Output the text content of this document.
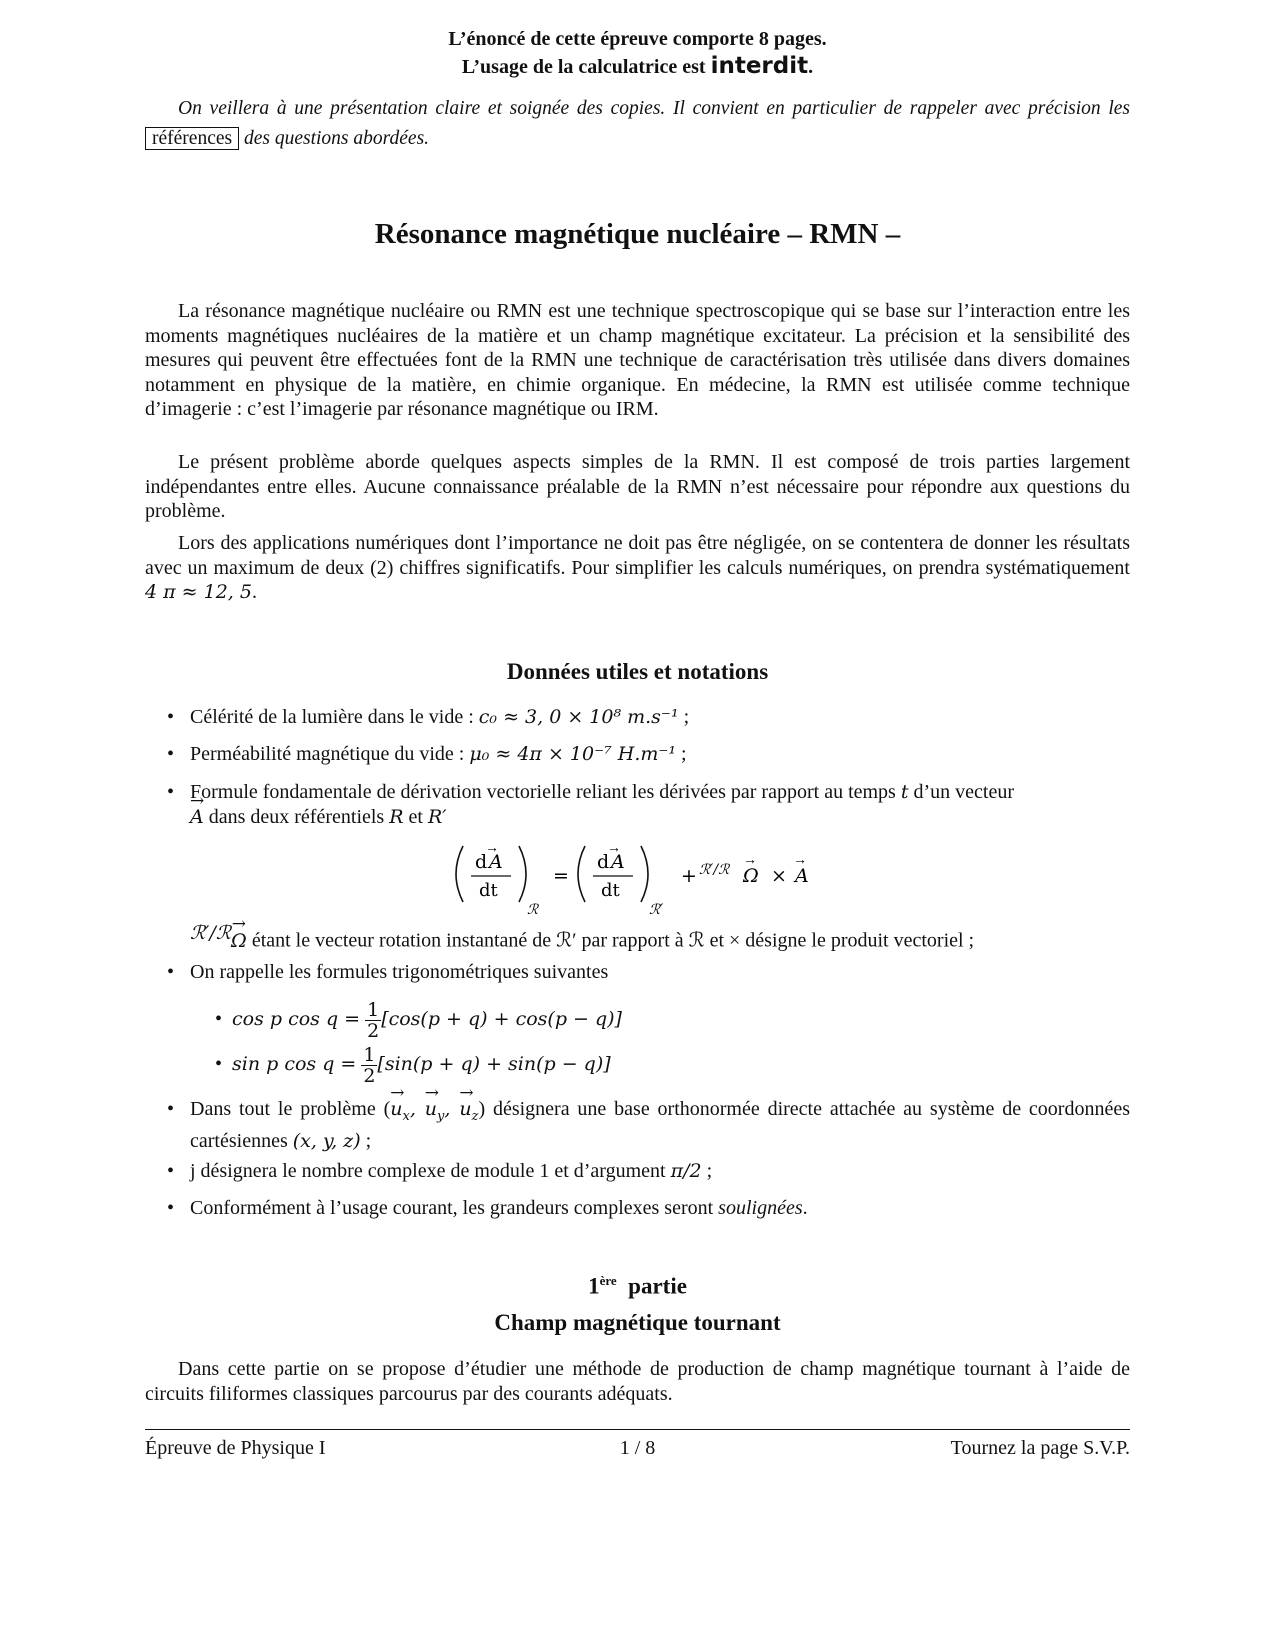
L’énoncé de cette épreuve comporte 8 pages.
L’usage de la calculatrice est interdit.

On veillera à une présentation claire et soignée des copies. Il convient en particulier de rappeler avec précision les références des questions abordées.

Résonance magnétique nucléaire – RMN –

La résonance magnétique nucléaire ou RMN est une technique spectroscopique qui se base sur l’interaction entre les moments magnétiques nucléaires de la matière et un champ magnétique excitateur. La précision et la sensibilité des mesures qui peuvent être effectuées font de la RMN une technique de caractérisation très utilisée dans divers domaines notamment en physique de la matière, en chimie organique. En médecine, la RMN est utilisée comme technique d’imagerie : c’est l’imagerie par résonance magnétique ou IRM.

Le présent problème aborde quelques aspects simples de la RMN. Il est composé de trois parties largement indépendantes entre elles. Aucune connaissance préalable de la RMN n’est nécessaire pour répondre aux questions du problème.

Lors des applications numériques dont l’importance ne doit pas être négligée, on se contentera de donner les résultats avec un maximum de deux (2) chiffres significatifs. Pour simplifier les calculs numériques, on prendra systématiquement 4 π ≈ 12, 5.

Données utiles et notations
• Célérité de la lumière dans le vide : c₀ ≈ 3, 0 × 10⁸ m.s⁻¹ ;
• Perméabilité magnétique du vide : μ₀ ≈ 4π × 10⁻⁷ H.m⁻¹ ;
• Formule fondamentale de dérivation vectorielle reliant les dérivées par rapport au temps t d’un vecteur
→ A dans deux référentiels R et R′
d A
→
dt
ℛ
=
d A
→
dt
ℛ′
+ ℛ′/ℛ Ω
→
× A
→
$^{ℛ'/ℛ}$→ Ω étant le vecteur rotation instantané de ℛ′ par rapport à ℛ et × désigne le produit vectoriel ;
• On rappelle les formules trigonométriques suivantes
•  cos p $\cos q = \frac{1}{2} [\cos(p + q) + \cos(p - q)]$
•  sin p $\cos q = \frac{1}{2} [\sin(p + q) + \sin(p - q)]$
• Dans tout le problème (→ $u_x$, → $u_y$, → $u_z$) désignera une base orthonormée directe attachée au système de coordonnées cartésiennes (x, y, z) ;
• j désignera le nombre complexe de module 1 et d’argument π/2 ;
• Conformément à l’usage courant, les grandeurs complexes seront soulignées.
1ère partie
Champ magnétique tournant

Dans cette partie on se propose d’étudier une méthode de production de champ magnétique tournant à l’aide de circuits filiformes classiques parcourus par des courants adéquats.

Épreuve de Physique I	1 / 8	Tournez la page S.V.P.
